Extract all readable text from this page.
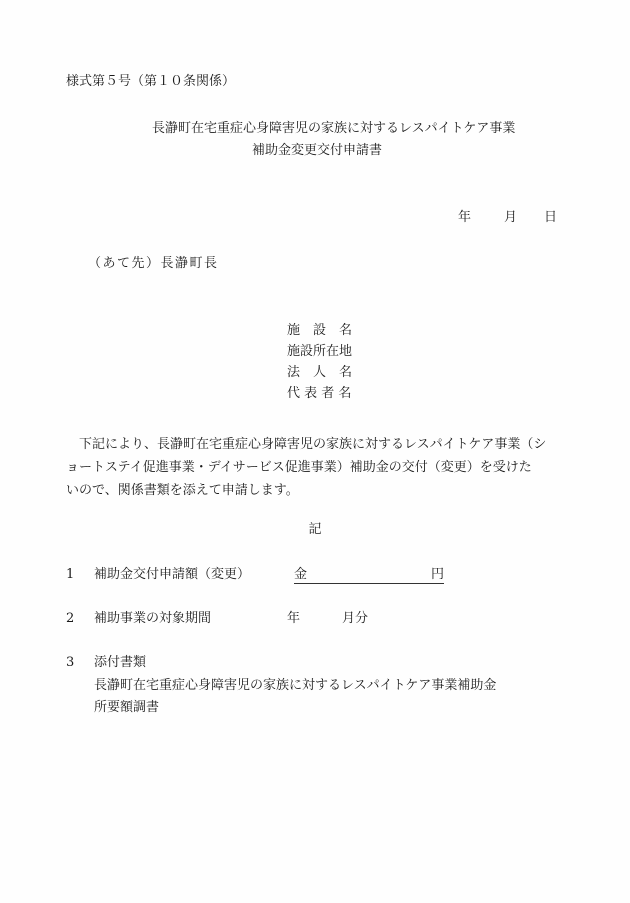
様式第５号（第１０条関係）
長瀞町在宅重症心身障害児の家族に対するレスパイトケア事業
補助金変更交付申請書
年	月 日
（あて先）長瀞町長
施　設　名
施設所在地
法　人　名
代 表 者 名

　下記により、長瀞町在宅重症心身障害児の家族に対するレスパイトケア事業（シ

ョートステイ促進事業・デイサービス促進事業）補助金の交付（変更）を受けた

いので、関係書類を添えて申請します。

記
1 補助金交付申請額（変更）	金	円
2 補助事業の対象期間	年	月分
3 添付書類
長瀞町在宅重症心身障害児の家族に対するレスパイトケア事業補助金
所要額調書
